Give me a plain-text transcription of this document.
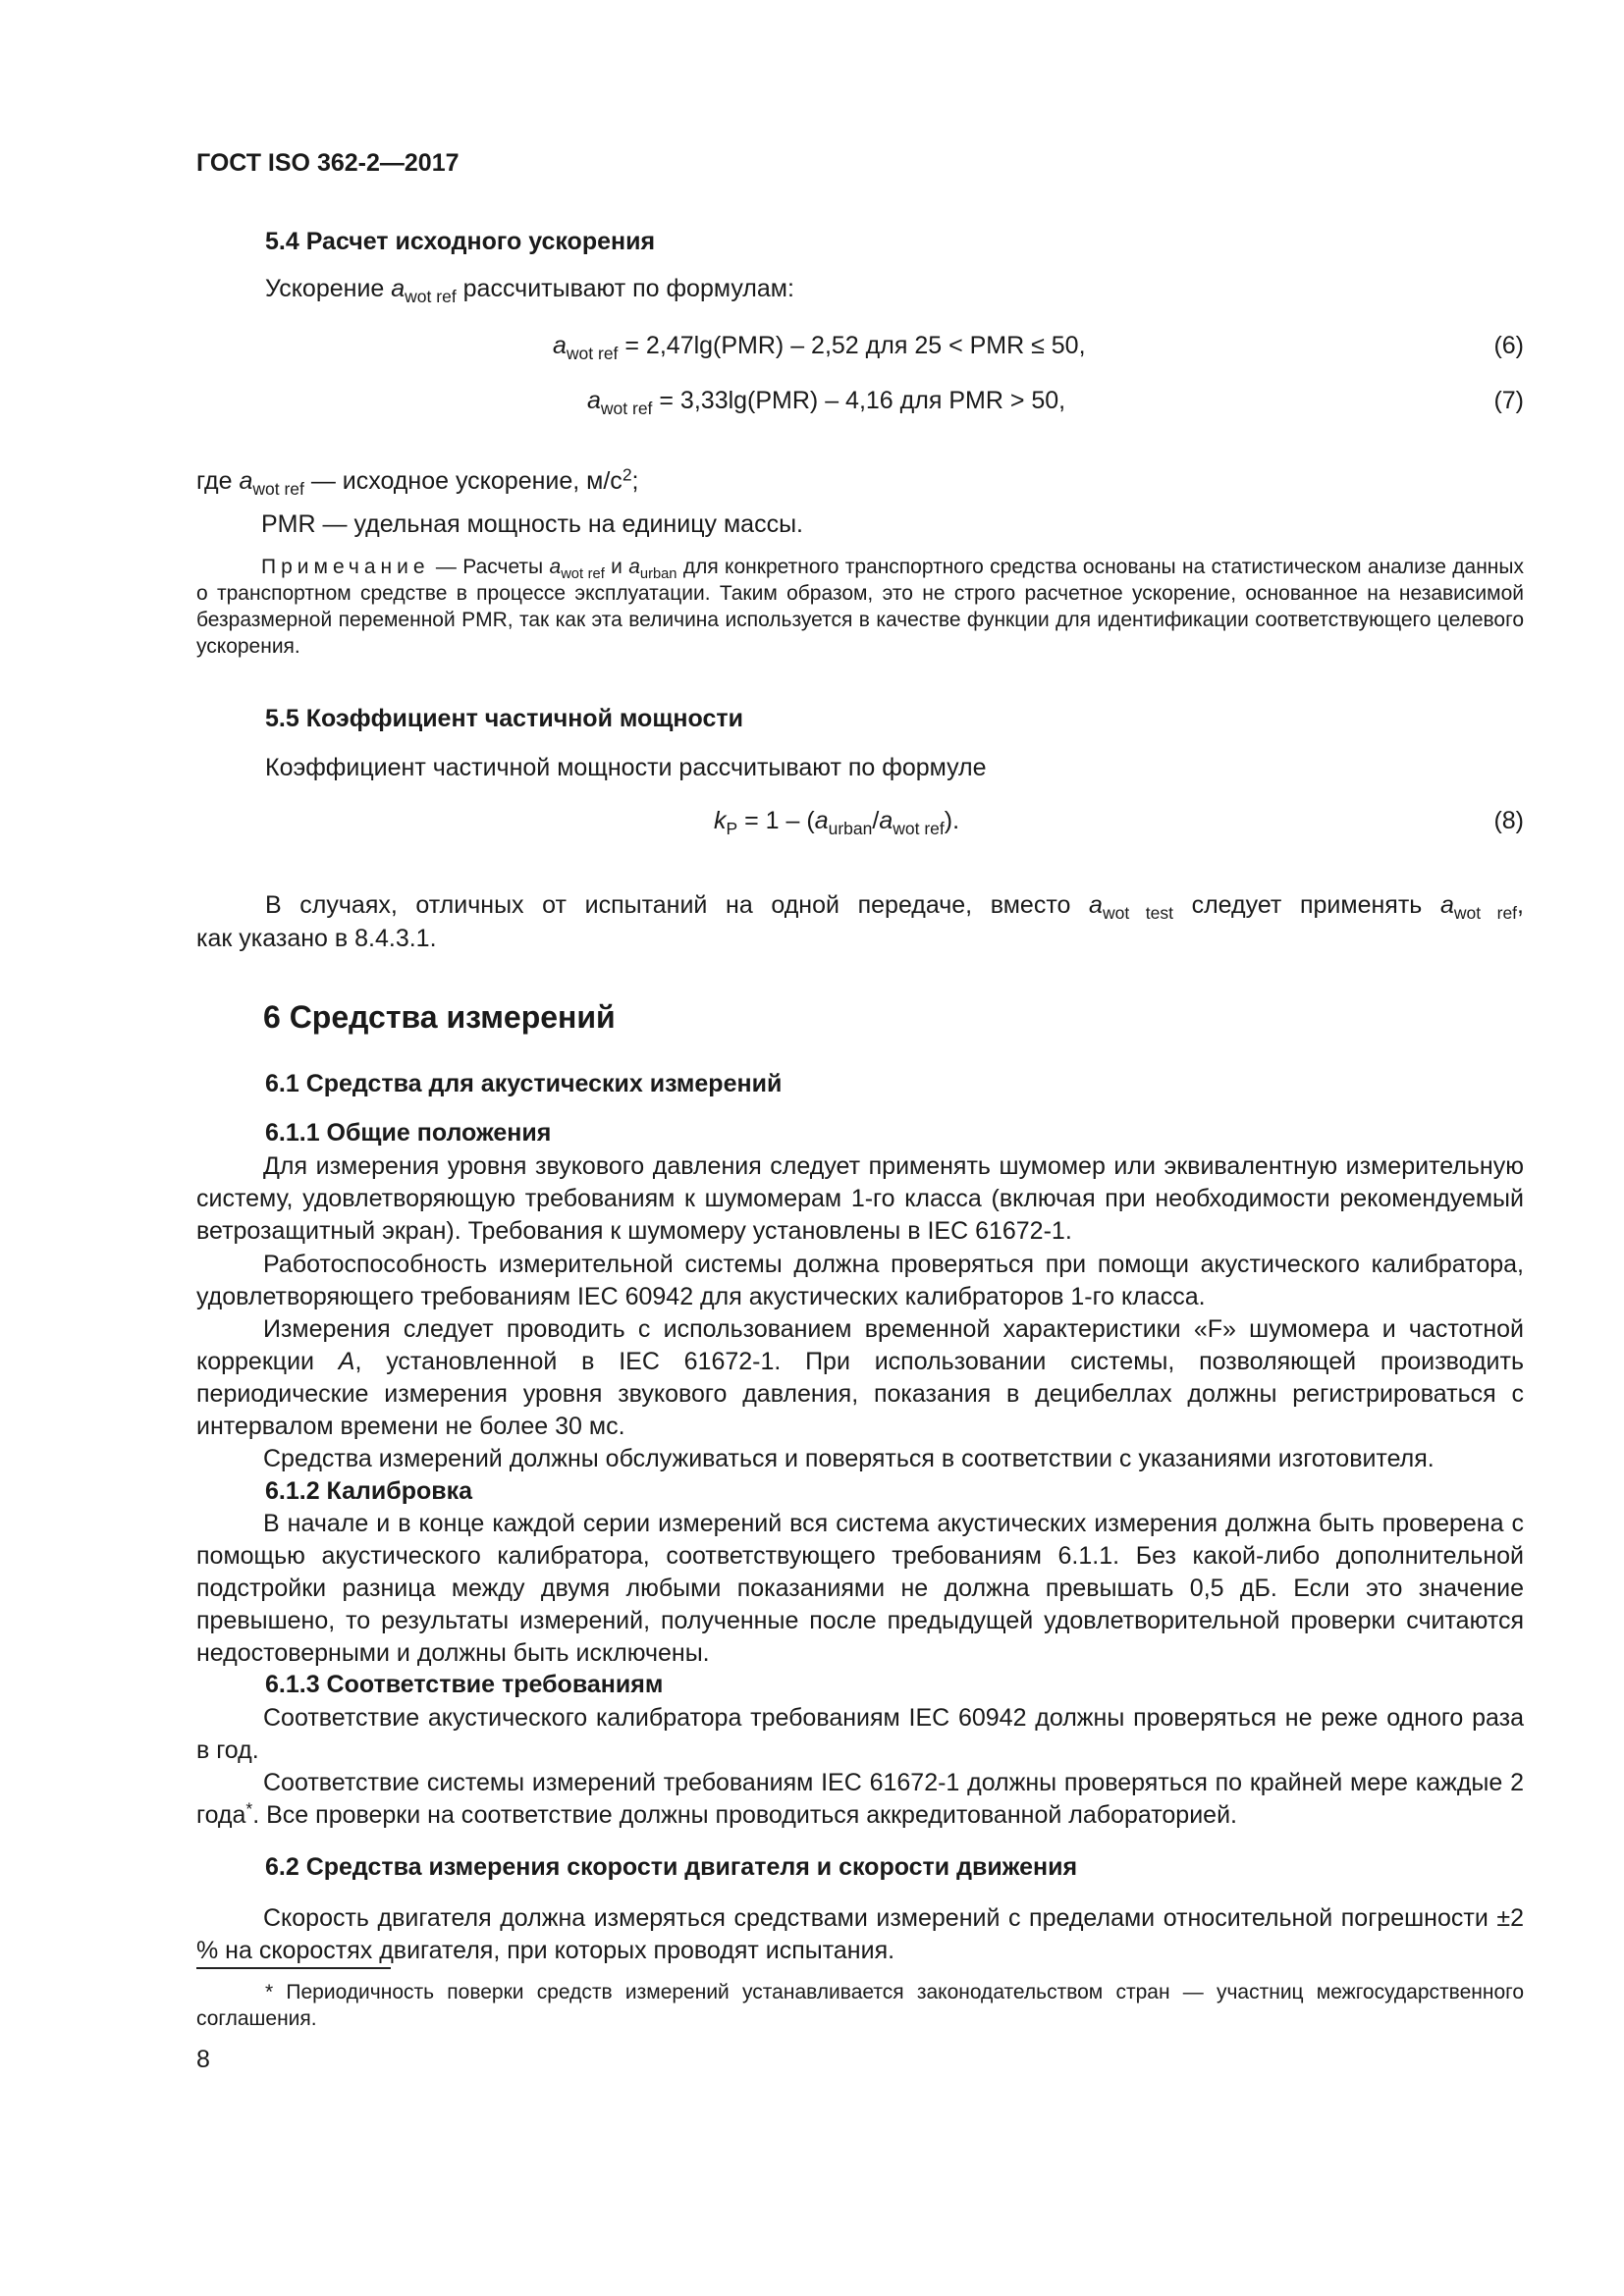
ГОСТ ISO 362-2—2017
5.4 Расчет исходного ускорения
Ускорение $a_{wot ref}$ рассчитывают по формулам:
$a_{wot ref} = 2,47\lg(PMR) - 2,52$ для 25 < PMR ≤ 50,	(6)
$a_{wot ref} = 3,33\lg(PMR) - 4,16$ для PMR > 50,	(7)
где $a_{wot ref}$ — исходное ускорение, $м/с^2$;
PMR — удельная мощность на единицу массы.
Примечание — Расчеты $a_{wot ref}$ и $a_{urban}$ для конкретного транспортного средства основаны на статистическом анализе данных о транспортном средстве в процессе эксплуатации. Таким образом, это не строго расчетное ускорение, основанное на независимой безразмерной переменной PMR, так как эта величина используется в качестве функции для идентификации соответствующего целевого ускорения.
5.5 Коэффициент частичной мощности
Коэффициент частичной мощности рассчитывают по формуле
$k_P = 1 - (a_{urban}/a_{wot ref})$.	(8)
В случаях, отличных от испытаний на одной передаче, вместо $a_{wot test}$ следует применять $a_{wot ref}$,
как указано в 8.4.3.1.
6 Средства измерений
6.1 Средства для акустических измерений
6.1.1 Общие положения
Для измерения уровня звукового давления следует применять шумомер или эквивалентную измерительную систему, удовлетворяющую требованиям к шумомерам 1-го класса (включая при необходимости рекомендуемый ветрозащитный экран). Требования к шумомеру установлены в IEC 61672-1.
Работоспособность измерительной системы должна проверяться при помощи акустического калибратора, удовлетворяющего требованиям IEC 60942 для акустических калибраторов 1-го класса.
Измерения следует проводить с использованием временной характеристики «F» шумомера и частотной коррекции A, установленной в IEC 61672-1. При использовании системы, позволяющей производить периодические измерения уровня звукового давления, показания в децибеллах должны регистрироваться с интервалом времени не более 30 мс.
Средства измерений должны обслуживаться и поверяться в соответствии с указаниями изготовителя.
6.1.2 Калибровка
В начале и в конце каждой серии измерений вся система акустических измерения должна быть проверена с помощью акустического калибратора, соответствующего требованиям 6.1.1. Без какой-либо дополнительной подстройки разница между двумя любыми показаниями не должна превышать 0,5 дБ. Если это значение превышено, то результаты измерений, полученные после предыдущей удовлетворительной проверки считаются недостоверными и должны быть исключены.
6.1.3 Соответствие требованиям
Соответствие акустического калибратора требованиям IEC 60942 должны проверяться не реже одного раза в год.
Соответствие системы измерений требованиям IEC 61672-1 должны проверяться по крайней мере каждые 2 года*. Все проверки на соответствие должны проводиться аккредитованной лабораторией.
6.2 Средства измерения скорости двигателя и скорости движения
Скорость двигателя должна измеряться средствами измерений с пределами относительной погрешности ±2 % на скоростях двигателя, при которых проводят испытания.
* Периодичность поверки средств измерений устанавливается законодательством стран — участниц межгосударственного соглашения.
8
